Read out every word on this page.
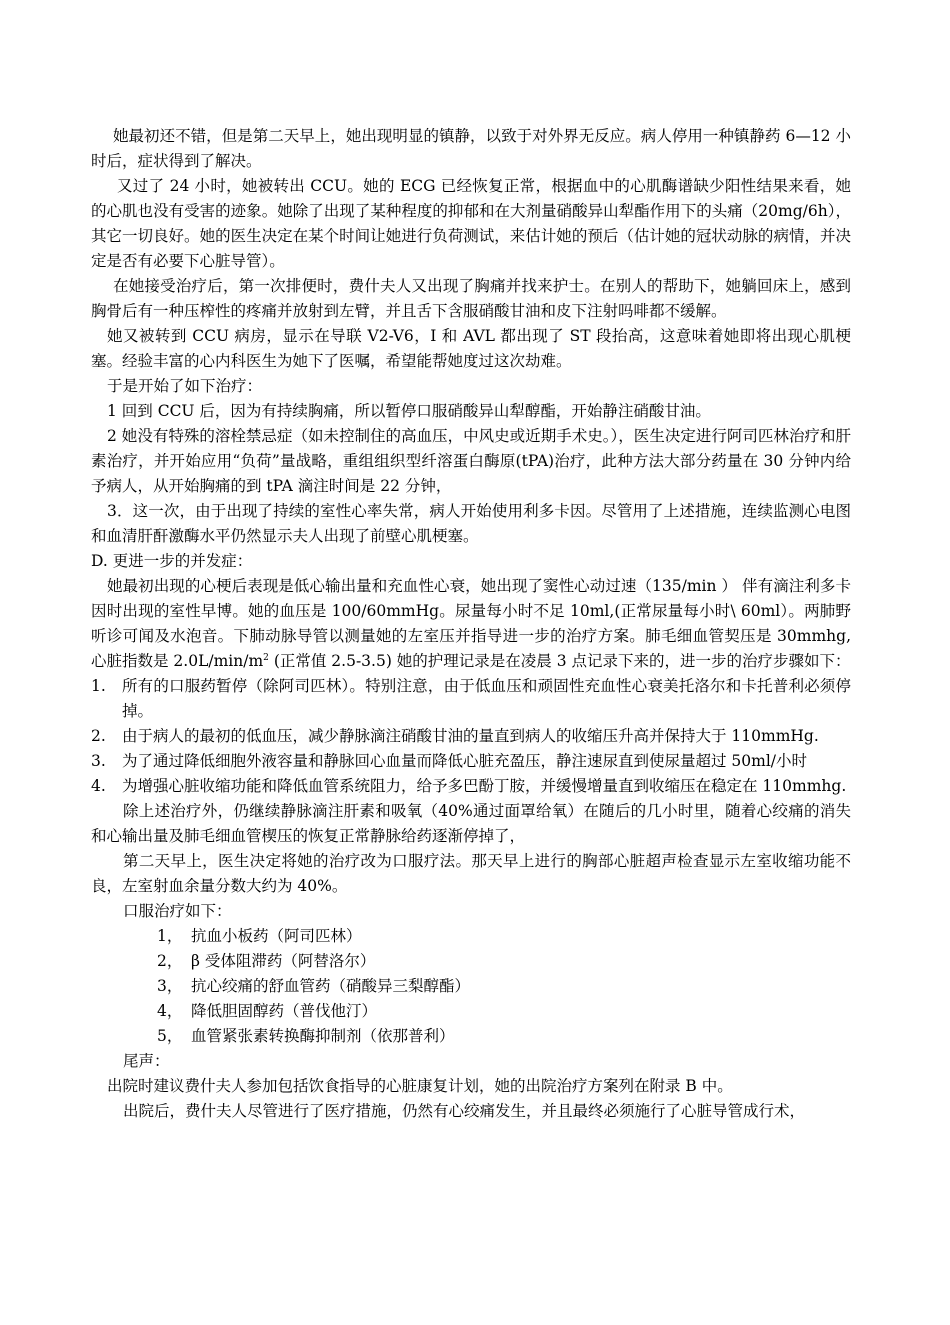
她最初还不错，但是第二天早上，她出现明显的镇静，以致于对外界无反应。病人停用一种镇静药 6—12 小时后，症状得到了解决。

又过了 24 小时，她被转出 CCU。她的 ECG 已经恢复正常，根据血中的心肌酶谱缺少阳性结果来看，她的心肌也没有受害的迹象。她除了出现了某种程度的抑郁和在大剂量硝酸异山犁酯作用下的头痛（20mg/6h），其它一切良好。她的医生决定在某个时间让她进行负荷测试，来估计她的预后（估计她的冠状动脉的病情，并决定是否有必要下心脏导管）。

在她接受治疗后，第一次排便时，费什夫人又出现了胸痛并找来护士。在别人的帮助下，她躺回床上，感到胸骨后有一种压榨性的疼痛并放射到左臂，并且舌下含服硝酸甘油和皮下注射吗啡都不缓解。

她又被转到 CCU 病房，显示在导联 V2-V6，I 和 AVL 都出现了 ST 段抬高，这意味着她即将出现心肌梗塞。经验丰富的心内科医生为她下了医嘱，希望能帮她度过这次劫难。

于是开始了如下治疗：

1 回到 CCU 后，因为有持续胸痛，所以暂停口服硝酸异山犁醇酯，开始静注硝酸甘油。

2 她没有特殊的溶栓禁忌症（如未控制住的高血压，中风史或近期手术史。），医生决定进行阿司匹林治疗和肝素治疗，并开始应用“负荷”量战略，重组组织型纤溶蛋白酶原(tPA)治疗，此种方法大部分药量在 30 分钟内给予病人，从开始胸痛的到 tPA 滴注时间是 22 分钟，

3．这一次，由于出现了持续的室性心率失常，病人开始使用利多卡因。尽管用了上述措施，连续监测心电图和血清肝酐激酶水平仍然显示夫人出现了前壁心肌梗塞。

D. 更进一步的并发症：

她最初出现的心梗后表现是低心输出量和充血性心衰，她出现了窦性心动过速（135/min ） 伴有滴注利多卡因时出现的室性早博。她的血压是 100/60mmHg。尿量每小时不足 10ml,(正常尿量每小时\ 60ml）。两肺野听诊可闻及水泡音。下肺动脉导管以测量她的左室压并指导进一步的治疗方案。肺毛细血管契压是 30mmhg,心脏指数是 $2.0L/\min/m^2$ (正常值 2.5-3.5) 她的护理记录是在凌晨 3 点记录下来的，进一步的治疗步骤如下：

1. 所有的口服药暂停（除阿司匹林）。特别注意，由于低血压和顽固性充血性心衰美托洛尔和卡托普利必须停掉。

2. 由于病人的最初的低血压，减少静脉滴注硝酸甘油的量直到病人的收缩压升高并保持大于 110mmHg.

3. 为了通过降低细胞外液容量和静脉回心血量而降低心脏充盈压，静注速尿直到使尿量超过 50ml/小时

4. 为增强心脏收缩功能和降低血管系统阻力，给予多巴酚丁胺，并缓慢增量直到收缩压在稳定在 110mmhg.

除上述治疗外，仍继续静脉滴注肝素和吸氧（40%通过面罩给氧）在随后的几小时里，随着心绞痛的消失和心输出量及肺毛细血管楔压的恢复正常静脉给药逐渐停掉了，

第二天早上，医生决定将她的治疗改为口服疗法。那天早上进行的胸部心脏超声检查显示左室收缩功能不良，左室射血余量分数大约为 40%。

口服治疗如下：

1， 抗血小板药（阿司匹林）

2， β 受体阻滞药（阿替洛尔）

3， 抗心绞痛的舒血管药（硝酸异三梨醇酯）

4， 降低胆固醇药（普伐他汀）

5， 血管紧张素转换酶抑制剂（依那普利）

尾声：

出院时建议费什夫人参加包括饮食指导的心脏康复计划，她的出院治疗方案列在附录 B 中。

出院后，费什夫人尽管进行了医疗措施，仍然有心绞痛发生，并且最终必须施行了心脏导管成行术，
